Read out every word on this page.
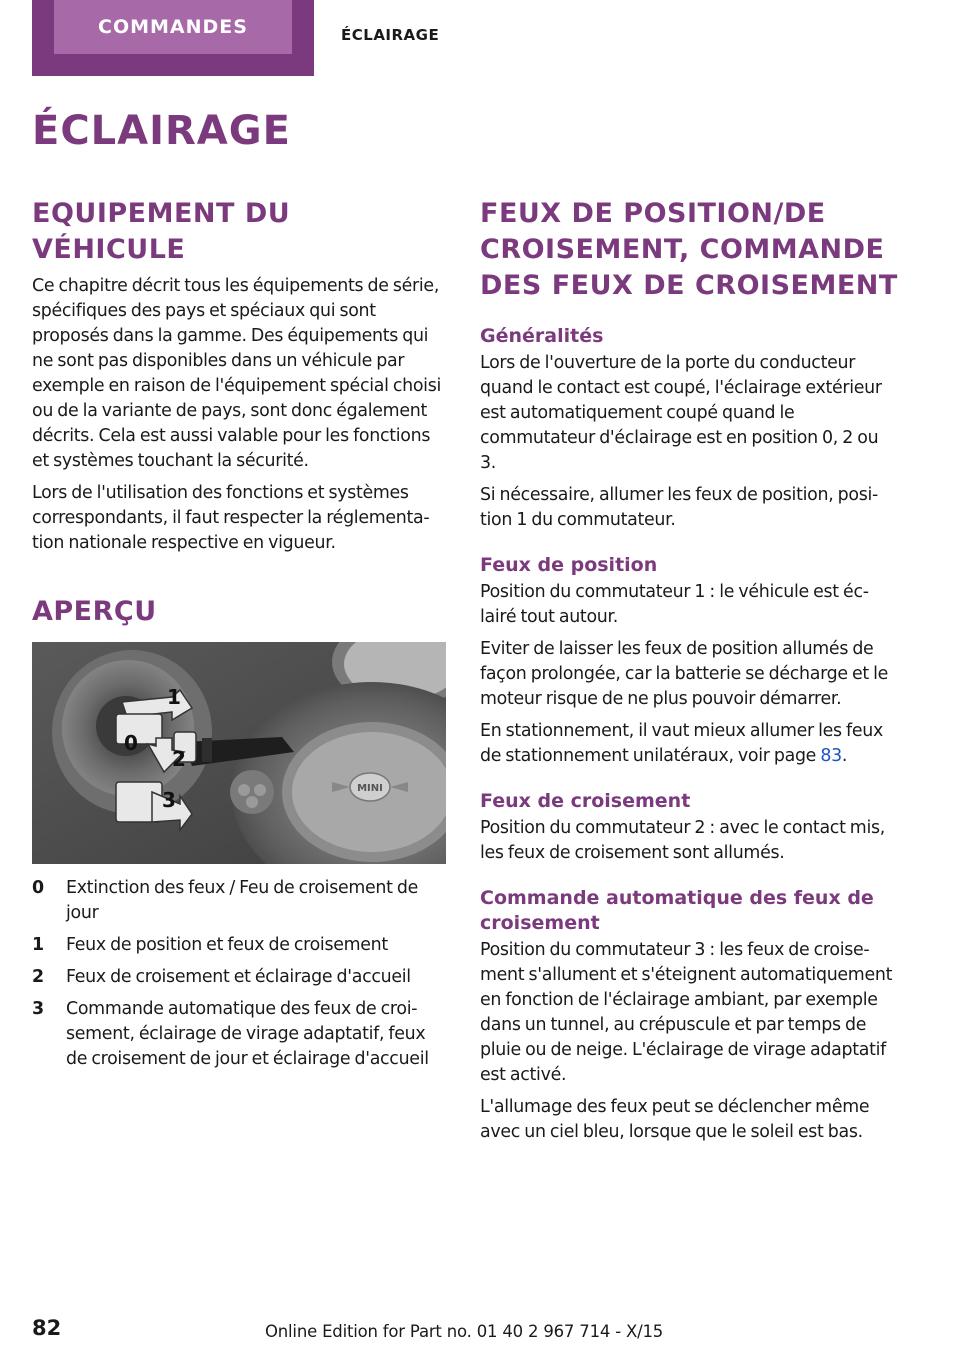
COMMANDES	ÉCLAIRAGE
ÉCLAIRAGE
EQUIPEMENT DU VÉHICULE

Ce chapitre décrit tous les équipements de série, spécifiques des pays et spéciaux qui sont proposés dans la gamme. Des équipements qui ne sont pas disponibles dans un véhicule par exemple en raison de l'équipement spécial choisi ou de la variante de pays, sont donc également décrits. Cela est aussi valable pour les fonctions et systèmes touchant la sécurité.

Lors de l'utilisation des fonctions et systèmes correspondants, il faut respecter la réglementation nationale respective en vigueur.

APERÇU
MINI
1
0
2
3
0	Extinction des feux / Feu de croisement de jour
1	Feux de position et feux de croisement
2	Feux de croisement et éclairage d'accueil
3	Commande automatique des feux de croisement, éclairage de virage adaptatif, feux de croisement de jour et éclairage d'accueil
FEUX DE POSITION/DE CROISEMENT, COMMANDE DES FEUX DE CROISEMENT
Généralités

Lors de l'ouverture de la porte du conducteur quand le contact est coupé, l'éclairage extérieur est automatiquement coupé quand le commutateur d'éclairage est en position 0, 2 ou 3.

Si nécessaire, allumer les feux de position, position 1 du commutateur.

Feux de position

Position du commutateur 1 : le véhicule est éclairé tout autour.

Eviter de laisser les feux de position allumés de façon prolongée, car la batterie se décharge et le moteur risque de ne plus pouvoir démarrer.

En stationnement, il vaut mieux allumer les feux de stationnement unilatéraux, voir page 83.

Feux de croisement

Position du commutateur 2 : avec le contact mis, les feux de croisement sont allumés.

Commande automatique des feux de croisement

Position du commutateur 3 : les feux de croisement s'allument et s'éteignent automatiquement en fonction de l'éclairage ambiant, par exemple dans un tunnel, au crépuscule et par temps de pluie ou de neige. L'éclairage de virage adaptatif est activé.

L'allumage des feux peut se déclencher même avec un ciel bleu, lorsque que le soleil est bas.

82	Online Edition for Part no. 01 40 2 967 714 - X/15
